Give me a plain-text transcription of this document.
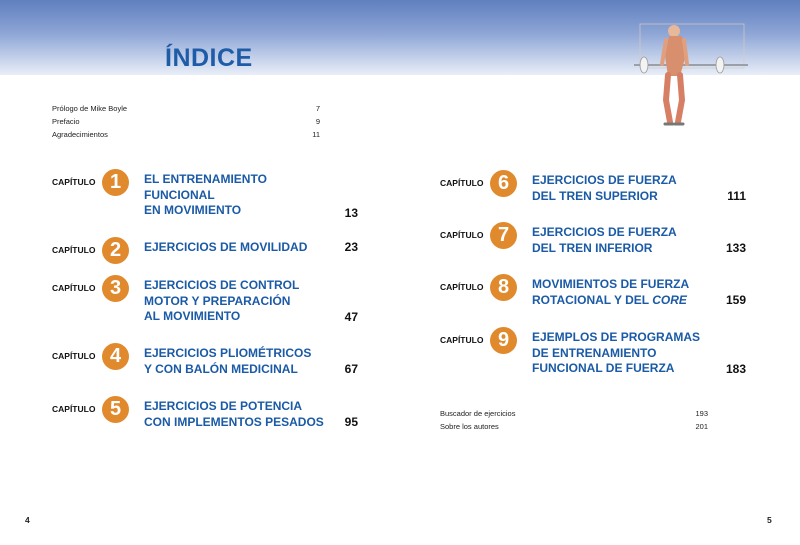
ÍNDICE
Prólogo de Mike Boyle	7
Prefacio	9
Agradecimientos	11
CAPÍTULO 1	EL ENTRENAMIENTO
FUNCIONAL
EN MOVIMIENTO	13
CAPÍTULO 2	EJERCICIOS DE MOVILIDAD	23
CAPÍTULO 3	EJERCICIOS DE CONTROL
MOTOR Y PREPARACIÓN
AL MOVIMIENTO	47
CAPÍTULO 4	EJERCICIOS PLIOMÉTRICOS
Y CON BALÓN MEDICINAL	67
CAPÍTULO 5	EJERCICIOS DE POTENCIA
CON IMPLEMENTOS PESADOS	95
CAPÍTULO 6	EJERCICIOS DE FUERZA
DEL TREN SUPERIOR	111
CAPÍTULO 7	EJERCICIOS DE FUERZA
DEL TREN INFERIOR	133
CAPÍTULO 8	MOVIMIENTOS DE FUERZA
ROTACIONAL Y DEL CORE	159
CAPÍTULO 9	EJEMPLOS DE PROGRAMAS
DE ENTRENAMIENTO
FUNCIONAL DE FUERZA	183
Buscador de ejercicios	193
Sobre los autores	201
4	5
